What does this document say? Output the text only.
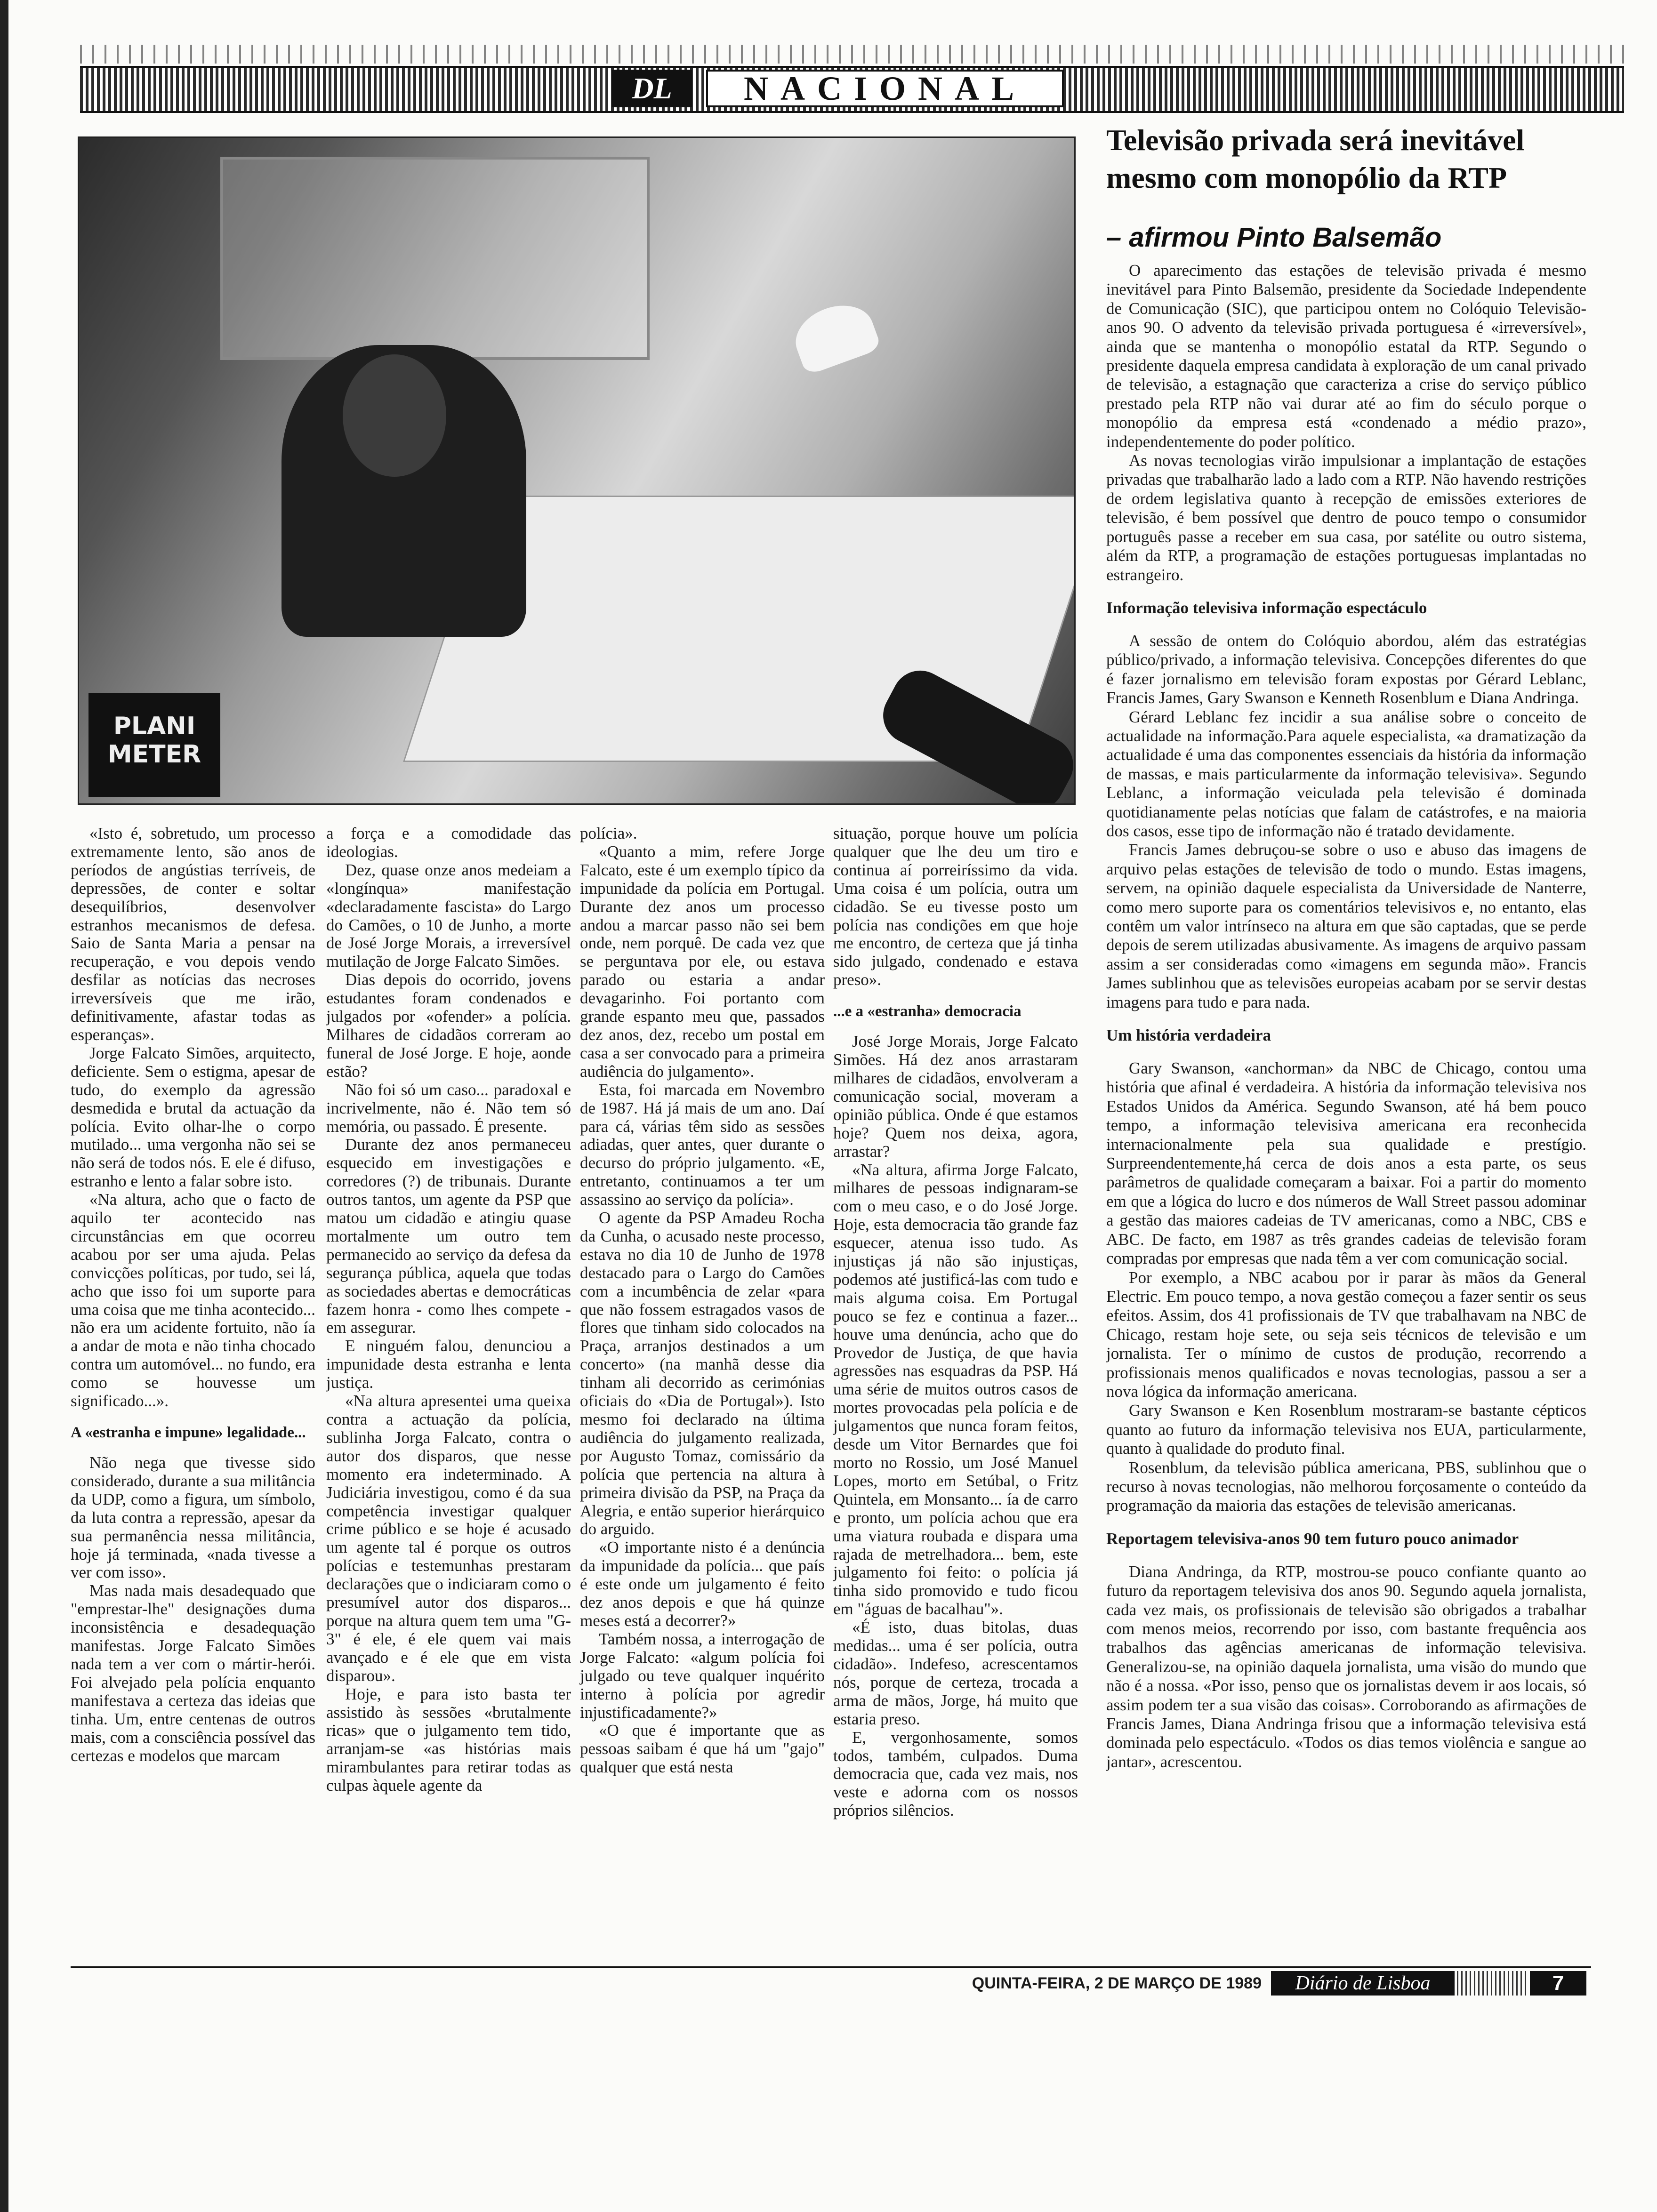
DL	NACIONAL
PLANI
METER
Televisão privada será inevitável mesmo com monopólio da RTP
– afirmou Pinto Balsemão

O aparecimento das estações de televisão privada é mesmo inevitável para Pinto Balsemão, presidente da Sociedade Independente de Comunicação (SIC), que participou ontem no Colóquio Televisão-anos 90. O advento da televisão privada portuguesa é «irreversível», ainda que se mantenha o monopólio estatal da RTP. Segundo o presidente daquela empresa candidata à exploração de um canal privado de televisão, a estagnação que caracteriza a crise do serviço público prestado pela RTP não vai durar até ao fim do século porque o monopólio da empresa está «condenado a médio prazo», independentemente do poder político.

As novas tecnologias virão impulsionar a implantação de estações privadas que trabalharão lado a lado com a RTP. Não havendo restrições de ordem legislativa quanto à recepção de emissões exteriores de televisão, é bem possível que dentro de pouco tempo o consumidor português passe a receber em sua casa, por satélite ou outro sistema, além da RTP, a programação de estações portuguesas implantadas no estrangeiro.

Informação televisiva informação espectáculo

A sessão de ontem do Colóquio abordou, além das estratégias público/privado, a informação televisiva. Concepções diferentes do que é fazer jornalismo em televisão foram expostas por Gérard Leblanc, Francis James, Gary Swanson e Kenneth Rosenblum e Diana Andringa.

Gérard Leblanc fez incidir a sua análise sobre o conceito de actualidade na informação.Para aquele especialista, «a dramatização da actualidade é uma das componentes essenciais da história da informação de massas, e mais particularmente da informação televisiva». Segundo Leblanc, a informação veiculada pela televisão é dominada quotidianamente pelas notícias que falam de catástrofes, e na maioria dos casos, esse tipo de informação não é tratado devidamente.

Francis James debruçou-se sobre o uso e abuso das imagens de arquivo pelas estações de televisão de todo o mundo. Estas imagens, servem, na opinião daquele especialista da Universidade de Nanterre, como mero suporte para os comentários televisivos e, no entanto, elas contêm um valor intrínseco na altura em que são captadas, que se perde depois de serem utilizadas abusivamente. As imagens de arquivo passam assim a ser consideradas como «imagens em segunda mão». Francis James sublinhou que as televisões europeias acabam por se servir destas imagens para tudo e para nada.

Um história verdadeira

Gary Swanson, «anchorman» da NBC de Chicago, contou uma história que afinal é verdadeira. A história da informação televisiva nos Estados Unidos da América. Segundo Swanson, até há bem pouco tempo, a informação televisiva americana era reconhecida internacionalmente pela sua qualidade e prestígio. Surpreendentemente,há cerca de dois anos a esta parte, os seus parâmetros de qualidade começaram a baixar. Foi a partir do momento em que a lógica do lucro e dos números de Wall Street passou adominar a gestão das maiores cadeias de TV americanas, como a NBC, CBS e ABC. De facto, em 1987 as três grandes cadeias de televisão foram compradas por empresas que nada têm a ver com comunicação social.

Por exemplo, a NBC acabou por ir parar às mãos da General Electric. Em pouco tempo, a nova gestão começou a fazer sentir os seus efeitos. Assim, dos 41 profissionais de TV que trabalhavam na NBC de Chicago, restam hoje sete, ou seja seis técnicos de televisão e um jornalista. Ter o mínimo de custos de produção, recorrendo a profissionais menos qualificados e novas tecnologias, passou a ser a nova lógica da informação americana.

Gary Swanson e Ken Rosenblum mostraram-se bastante cépticos quanto ao futuro da informação televisiva nos EUA, particularmente, quanto à qualidade do produto final.

Rosenblum, da televisão pública americana, PBS, sublinhou que o recurso à novas tecnologias, não melhorou forçosamente o conteúdo da programação da maioria das estações de televisão americanas.

Reportagem televisiva-anos 90 tem futuro pouco animador

Diana Andringa, da RTP, mostrou-se pouco confiante quanto ao futuro da reportagem televisiva dos anos 90. Segundo aquela jornalista, cada vez mais, os profissionais de televisão são obrigados a trabalhar com menos meios, recorrendo por isso, com bastante frequência aos trabalhos das agências americanas de informação televisiva. Generalizou-se, na opinião daquela jornalista, uma visão do mundo que não é a nossa. «Por isso, penso que os jornalistas devem ir aos locais, só assim podem ter a sua visão das coisas». Corroborando as afirmações de Francis James, Diana Andringa frisou que a informação televisiva está dominada pelo espectáculo. «Todos os dias temos violência e sangue ao jantar», acrescentou.

«Isto é, sobretudo, um processo extremamente lento, são anos de períodos de angústias terríveis, de depressões, de conter e soltar desequilíbrios, desenvolver estranhos mecanismos de defesa. Saio de Santa Maria a pensar na recuperação, e vou depois vendo desfilar as notícias das necroses irreversíveis que me irão, definitivamente, afastar todas as esperanças».

Jorge Falcato Simões, arquitecto, deficiente. Sem o estigma, apesar de tudo, do exemplo da agressão desmedida e brutal da actuação da polícia. Evito olhar-lhe o corpo mutilado... uma vergonha não sei se não será de todos nós. E ele é difuso, estranho e lento a falar sobre isto.

«Na altura, acho que o facto de aquilo ter acontecido nas circunstâncias em que ocorreu acabou por ser uma ajuda. Pelas convicções políticas, por tudo, sei lá, acho que isso foi um suporte para uma coisa que me tinha acontecido... não era um acidente fortuito, não ía a andar de mota e não tinha chocado contra um automóvel... no fundo, era como se houvesse um significado...».

A «estranha e impune» legalidade...

Não nega que tivesse sido considerado, durante a sua militância da UDP, como a figura, um símbolo, da luta contra a repressão, apesar da sua permanência nessa militância, hoje já terminada, «nada tivesse a ver com isso».

Mas nada mais desadequado que "emprestar-lhe" designações duma inconsistência e desadequação manifestas. Jorge Falcato Simões nada tem a ver com o mártir-herói. Foi alvejado pela polícia enquanto manifestava a certeza das ideias que tinha. Um, entre centenas de outros mais, com a consciência possível das certezas e modelos que marcam

a força e a comodidade das ideologias.

Dez, quase onze anos medeiam a «longínqua» manifestação «declaradamente fascista» do Largo do Camões, o 10 de Junho, a morte de José Jorge Morais, a irreversível mutilação de Jorge Falcato Simões.

Dias depois do ocorrido, jovens estudantes foram condenados e julgados por «ofender» a polícia. Milhares de cidadãos correram ao funeral de José Jorge. E hoje, aonde estão?

Não foi só um caso... paradoxal e incrivelmente, não é. Não tem só memória, ou passado. É presente.

Durante dez anos permaneceu esquecido em investigações e corredores (?) de tribunais. Durante outros tantos, um agente da PSP que matou um cidadão e atingiu quase mortalmente um outro tem permanecido ao serviço da defesa da segurança pública, aquela que todas as sociedades abertas e democráticas fazem honra - como lhes compete - em assegurar.

E ninguém falou, denunciou a impunidade desta estranha e lenta justiça.

«Na altura apresentei uma queixa contra a actuação da polícia, sublinha Jorga Falcato, contra o autor dos disparos, que nesse momento era indeterminado. A Judiciária investigou, como é da sua competência investigar qualquer crime público e se hoje é acusado um agente tal é porque os outros polícias e testemunhas prestaram declarações que o indiciaram como o presumível autor dos disparos... porque na altura quem tem uma "G-3" é ele, é ele quem vai mais avançado e é ele que em vista disparou».

Hoje, e para isto basta ter assistido às sessões «brutalmente ricas» que o julgamento tem tido, arranjam-se «as histórias mais mirambulantes para retirar todas as culpas àquele agente da

polícia».

«Quanto a mim, refere Jorge Falcato, este é um exemplo típico da impunidade da polícia em Portugal. Durante dez anos um processo andou a marcar passo não sei bem onde, nem porquê. De cada vez que se perguntava por ele, ou estava parado ou estaria a andar devagarinho. Foi portanto com grande espanto meu que, passados dez anos, dez, recebo um postal em casa a ser convocado para a primeira audiência do julgamento».

Esta, foi marcada em Novembro de 1987. Há já mais de um ano. Daí para cá, várias têm sido as sessões adiadas, quer antes, quer durante o decurso do próprio julgamento. «E, entretanto, continuamos a ter um assassino ao serviço da polícia».

O agente da PSP Amadeu Rocha da Cunha, o acusado neste processo, estava no dia 10 de Junho de 1978 destacado para o Largo do Camões com a incumbência de zelar «para que não fossem estragados vasos de flores que tinham sido colocados na Praça, arranjos destinados a um concerto» (na manhã desse dia tinham ali decorrido as cerimónias oficiais do «Dia de Portugal»). Isto mesmo foi declarado na última audiência do julgamento realizada, por Augusto Tomaz, comissário da polícia que pertencia na altura à primeira divisão da PSP, na Praça da Alegria, e então superior hierárquico do arguido.

«O importante nisto é a denúncia da impunidade da polícia... que país é este onde um julgamento é feito dez anos depois e que há quinze meses está a decorrer?»

Também nossa, a interrogação de Jorge Falcato: «algum polícia foi julgado ou teve qualquer inquérito interno à polícia por agredir injustificadamente?»

«O que é importante que as pessoas saibam é que há um "gajo" qualquer que está nesta

situação, porque houve um polícia qualquer que lhe deu um tiro e continua aí porreiríssimo da vida. Uma coisa é um polícia, outra um cidadão. Se eu tivesse posto um polícia nas condições em que hoje me encontro, de certeza que já tinha sido julgado, condenado e estava preso».

...e a «estranha» democracia

José Jorge Morais, Jorge Falcato Simões. Há dez anos arrastaram milhares de cidadãos, envolveram a comunicação social, moveram a opinião pública. Onde é que estamos hoje? Quem nos deixa, agora, arrastar?

«Na altura, afirma Jorge Falcato, milhares de pessoas indignaram-se com o meu caso, e o do José Jorge. Hoje, esta democracia tão grande faz esquecer, atenua isso tudo. As injustiças já não são injustiças, podemos até justificá-las com tudo e mais alguma coisa. Em Portugal pouco se fez e continua a fazer... houve uma denúncia, acho que do Provedor de Justiça, de que havia agressões nas esquadras da PSP. Há uma série de muitos outros casos de mortes provocadas pela polícia e de julgamentos que nunca foram feitos, desde um Vitor Bernardes que foi morto no Rossio, um José Manuel Lopes, morto em Setúbal, o Fritz Quintela, em Monsanto... ía de carro e pronto, um polícia achou que era uma viatura roubada e dispara uma rajada de metrelhadora... bem, este julgamento foi feito: o polícia já tinha sido promovido e tudo ficou em "águas de bacalhau"».

«É isto, duas bitolas, duas medidas... uma é ser polícia, outra cidadão». Indefeso, acrescentamos nós, porque de certeza, trocada a arma de mãos, Jorge, há muito que estaria preso.

E, vergonhosamente, somos todos, também, culpados. Duma democracia que, cada vez mais, nos veste e adorna com os nossos próprios silêncios.

QUINTA-FEIRA, 2 DE MARÇO DE 1989	Diário de Lisboa	7
